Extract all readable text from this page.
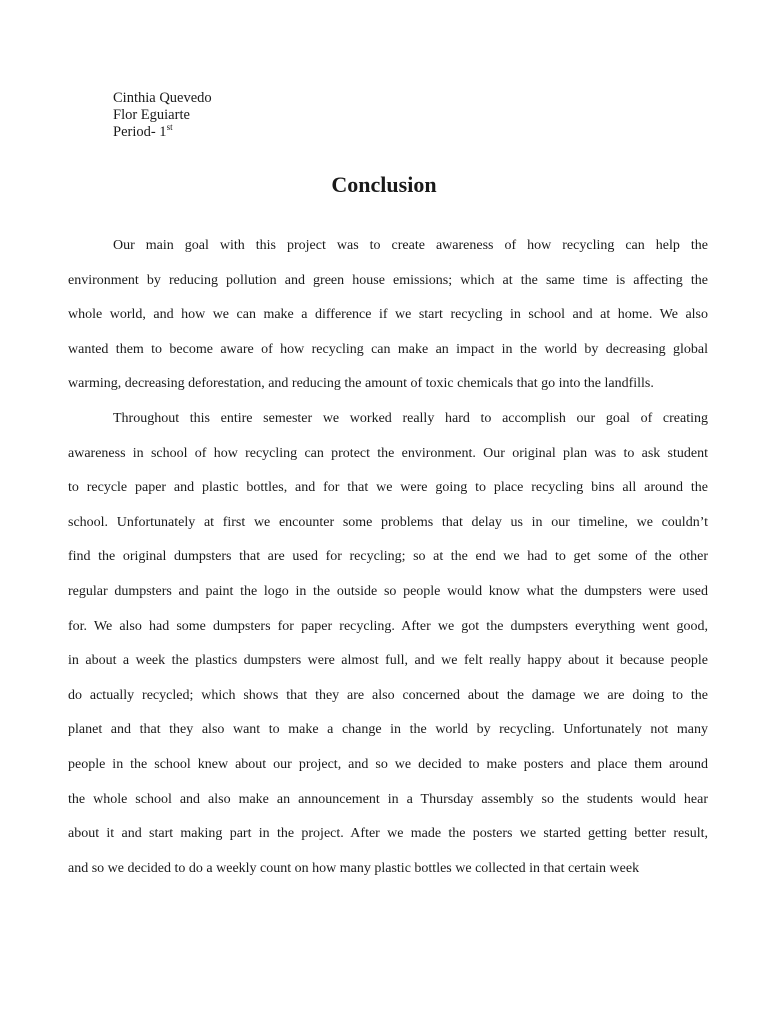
Cinthia Quevedo
Flor Eguiarte
Period- 1st
Conclusion
Our main goal with this project was to create awareness of how recycling can help the
environment by reducing pollution and green house emissions; which at the same time is affecting the
whole world, and how we can make a difference if we start recycling in school and at home. We also
wanted them to become aware of how recycling can make an impact in the world by decreasing global
warming, decreasing deforestation, and reducing the amount of toxic chemicals that go into the landfills.
Throughout this entire semester we worked really hard to accomplish our goal of creating
awareness in school of how recycling can protect the environment. Our original plan was to ask student
to recycle paper and plastic bottles, and for that we were going to place recycling bins all around the
school. Unfortunately at first we encounter some problems that delay us in our timeline, we couldn’t
find the original dumpsters that are used for recycling; so at the end we had to get some of the other
regular dumpsters and paint the logo in the outside so people would know what the dumpsters were used
for. We also had some dumpsters for paper recycling. After we got the dumpsters everything went good,
in about a week the plastics dumpsters were almost full, and we felt really happy about it because people
do actually recycled; which shows that they are also concerned about the damage we are doing to the
planet and that they also want to make a change in the world by recycling. Unfortunately not many
people in the school knew about our project, and so we decided to make posters and place them around
the whole school and also make an announcement in a Thursday assembly so the students would hear
about it and start making part in the project. After we made the posters we started getting better result,
and so we decided to do a weekly count on how many plastic bottles we collected in that certain week
